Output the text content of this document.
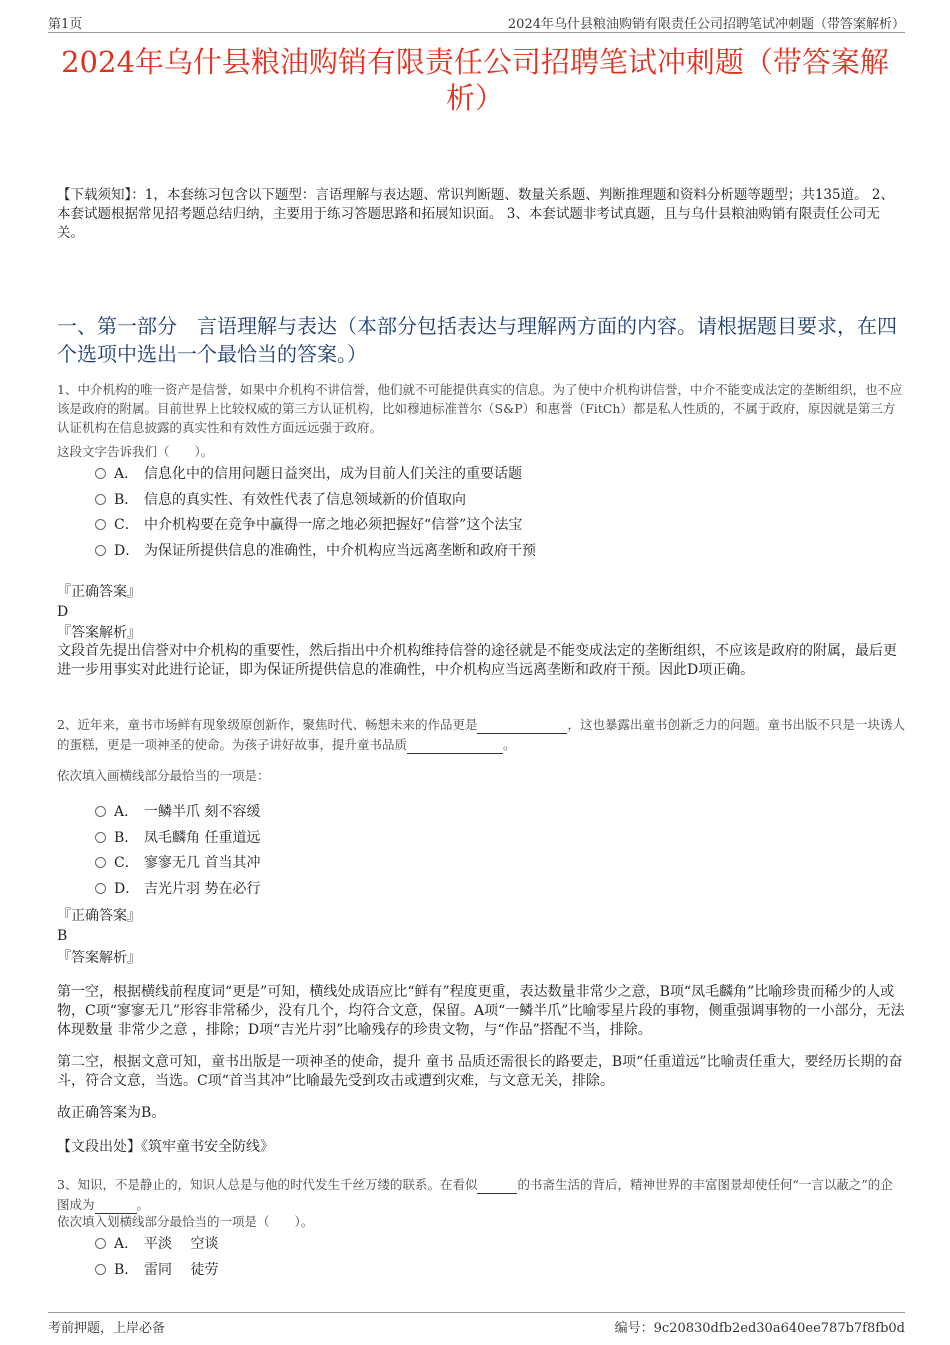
第1页	2024年乌什县粮油购销有限责任公司招聘笔试冲刺题（带答案解析）
2024年乌什县粮油购销有限责任公司招聘笔试冲刺题（带答案解析）
【下载须知】：1，本套练习包含以下题型：言语理解与表达题、常识判断题、数量关系题、判断推理题和资料分析题等题型；共135道。 2、本套试题根据常见招考题总结归纳，主要用于练习答题思路和拓展知识面。 3、本套试题非考试真题，且与乌什县粮油购销有限责任公司无关。
一、第一部分　言语理解与表达（本部分包括表达与理解两方面的内容。请根据题目要求，在四个选项中选出一个最恰当的答案。）
1、中介机构的唯一资产是信誉，如果中介机构不讲信誉，他们就不可能提供真实的信息。为了使中介机构讲信誉，中介不能变成法定的垄断组织，也不应该是政府的附属。目前世界上比较权威的第三方认证机构，比如穆迪标准普尔（S&P）和惠誉（FitCh）都是私人性质的，不属于政府，原因就是第三方认证机构在信息披露的真实性和有效性方面远远强于政府。
这段文字告诉我们（　　）。
A． 信息化中的信用问题日益突出，成为目前人们关注的重要话题
B． 信息的真实性、有效性代表了信息领域新的价值取向
C． 中介机构要在竞争中赢得一席之地必须把握好“信誉”这个法宝
D． 为保证所提供信息的准确性，中介机构应当远离垄断和政府干预
『正确答案』
D
『答案解析』
文段首先提出信誉对中介机构的重要性，然后指出中介机构维持信誉的途径就是不能变成法定的垄断组织，不应该是政府的附属，最后更进一步用事实对此进行论证，即为保证所提供信息的准确性，中介机构应当远离垄断和政府干预。因此D项正确。
2、近年来，童书市场鲜有现象级原创新作，聚焦时代、畅想未来的作品更是	，这也暴露出童书创新乏力的问题。童书出版不只是一块诱人的蛋糕，更是一项神圣的使命。为孩子讲好故事，提升童书品质	。
依次填入画横线部分最恰当的一项是：
A． 一鳞半爪 刻不容缓
B． 凤毛麟角 任重道远
C． 寥寥无几 首当其冲
D． 吉光片羽 势在必行
『正确答案』
B
『答案解析』
第一空，根据横线前程度词“更是”可知，横线处成语应比“鲜有”程度更重，表达数量非常少之意，B项“凤毛麟角”比喻珍贵而稀少的人或物，C项“寥寥无几”形容非常稀少，没有几个，均符合文意，保留。A项“一鳞半爪”比喻零星片段的事物，侧重强调事物的一小部分，无法体现数量 非常少之意 ，排除；D项“吉光片羽”比喻残存的珍贵文物，与“作品”搭配不当，排除。
第二空，根据文意可知，童书出版是一项神圣的使命，提升 童书 品质还需很长的路要走，B项“任重道远”比喻责任重大，要经历长期的奋斗，符合文意，当选。C项“首当其冲”比喻最先受到攻击或遭到灾难，与文意无关，排除。
故正确答案为B。
【文段出处】《筑牢童书安全防线》
3、知识，不是静止的，知识人总是与他的时代发生千丝万缕的联系。在看似	的书斋生活的背后，精神世界的丰富图景却使任何“一言以蔽之”的企图成为	。
依次填入划横线部分最恰当的一项是（　　）。
A． 平淡　 空谈
B． 雷同　 徒劳
考前押题，上岸必备	编号：9c20830dfb2ed30a640ee787b7f8fb0d
